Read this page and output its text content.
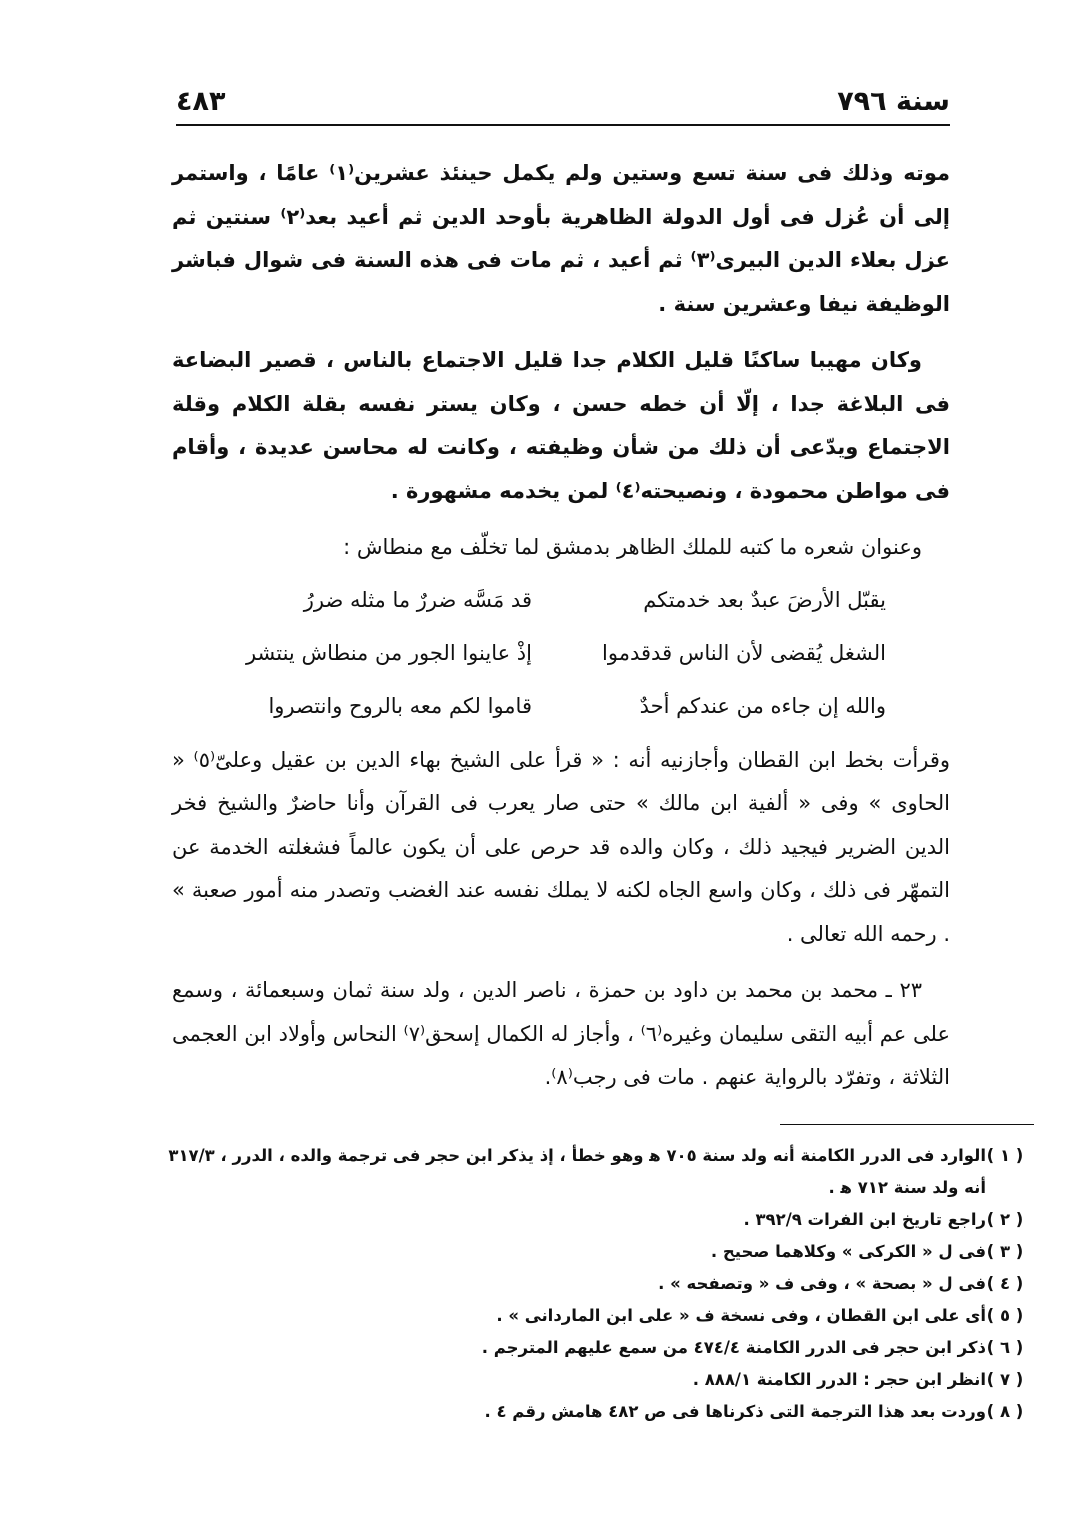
سنة ٧٩٦
٤٨٣

موته وذلك فى سنة تسع وستين ولم يكمل حينئذ عشرين⁽١⁾ عامًا ، واستمر إلى أن عُزل فى أول الدولة الظاهرية بأوحد الدين ثم أعيد بعد⁽٢⁾ سنتين ثم عزل بعلاء الدين البيرى⁽٣⁾ ثم أعيد ، ثم مات فى هذه السنة فى شوال فباشر الوظيفة نيفا وعشرين سنة .

وكان مهيبا ساكنًا قليل الكلام جدا قليل الاجتماع بالناس ، قصير البضاعة فى البلاغة جدا ، إلّا أن خطه حسن ، وكان يستر نفسه بقلة الكلام وقلة الاجتماع ويدّعى أن ذلك من شأن وظيفته ، وكانت له محاسن عديدة ، وأقام فى مواطن محمودة ، ونصيحته⁽٤⁾ لمن يخدمه مشهورة .

وعنوان شعره ما كتبه للملك الظاهر بدمشق لما تخلّف مع منطاش :

يقبّل الأرضَ عبدٌ بعد خدمتكم
قد مَسَّه ضررٌ ما مثله ضررُ
الشغل يُقضى لأن الناس قدقدموا
إذْ عاينوا الجور من منطاش ينتشر
والله إن جاءه من عندكم أحدٌ
قاموا لكم معه بالروح وانتصروا

وقرأت بخط ابن القطان وأجازنيه أنه : « قرأ على الشيخ بهاء الدين بن عقيل وعلىّ⁽٥⁾ « الحاوى » وفى « ألفية ابن مالك » حتى صار يعرب فى القرآن وأنا حاضرٌ والشيخ فخر الدين الضرير فيجيد ذلك ، وكان والده قد حرص على أن يكون عالماً فشغلته الخدمة عن التمهّر فى ذلك ، وكان واسع الجاه لكنه لا يملك نفسه عند الغضب وتصدر منه أمور صعبة » . رحمه الله تعالى .

٢٣ ـ محمد بن محمد بن داود بن حمزة ، ناصر الدين ، ولد سنة ثمان وسبعمائة ، وسمع على عم أبيه التقى سليمان وغيره⁽٦⁾ ، وأجاز له الكمال إسحق⁽٧⁾ النحاس وأولاد ابن العجمى الثلاثة ، وتفرّد بالرواية عنهم . مات فى رجب⁽٨⁾.

( ١ )
الوارد فى الدرر الكامنة أنه ولد سنة ٧٠٥ ﻫ وهو خطأ ، إذ يذكر ابن حجر فى ترجمة والده ، الدرر ، ٣١٧/٣ أنه ولد سنة ٧١٢ ﻫ .
( ٢ )
راجع تاريخ ابن الفرات ٣٩٢/٩ .
( ٣ )
فى ل « الكركى » وكلاهما صحيح .
( ٤ )
فى ل « بصحة » ، وفى ف « وتصفحه » .
( ٥ )
أى على ابن القطان ، وفى نسخة ف « على ابن الماردانى » .
( ٦ )
ذكر ابن حجر فى الدرر الكامنة ٤٧٤/٤ من سمع عليهم المترجم .
( ٧ )
انظر ابن حجر : الدرر الكامنة ٨٨٨/١ .
( ٨ )
وردت بعد هذا الترجمة التى ذكرناها فى ص ٤٨٢ هامش رقم ٤ .
